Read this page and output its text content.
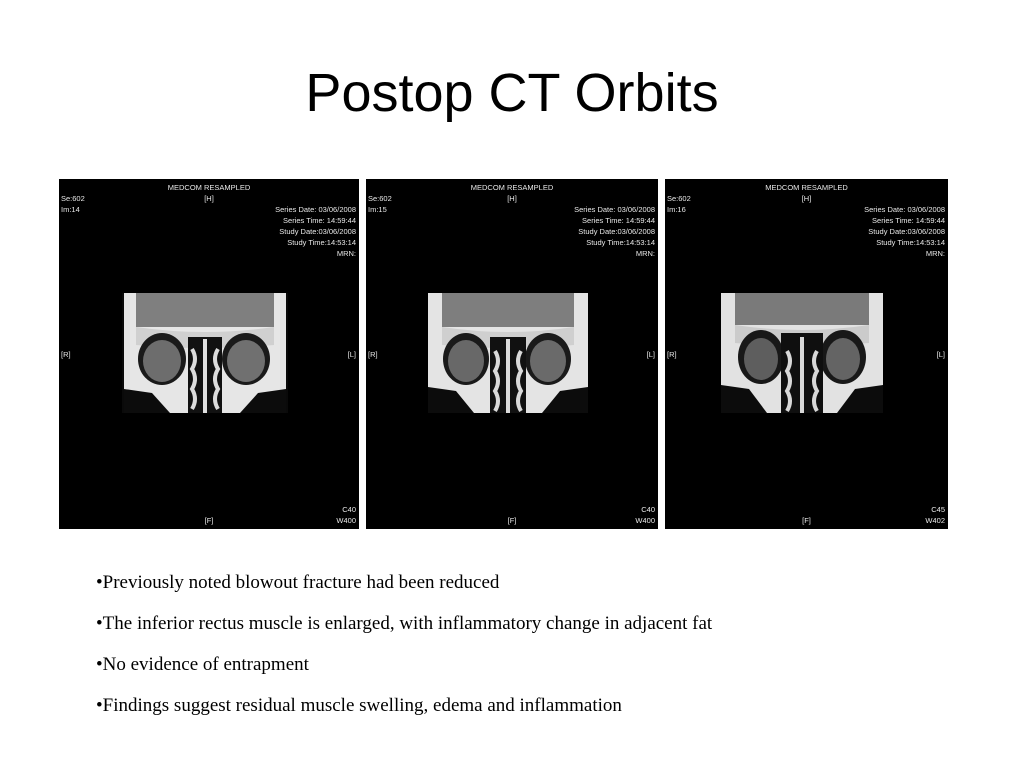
Postop CT Orbits
MEDCOM RESAMPLED
[H]
Se:602
Im:14	Series Date: 03/06/2008
Series Time: 14:59:44
Study Date:03/06/2008
Study Time:14:53:14
MRN:
[R]	[L]
[F]
C40
W400
MEDCOM RESAMPLED
[H]
Se:602
Im:15	Series Date: 03/06/2008
Series Time: 14:59:44
Study Date:03/06/2008
Study Time:14:53:14
MRN:
[R]	[L]
[F]
C40
W400
MEDCOM RESAMPLED
[H]
Se:602
Im:16	Series Date: 03/06/2008
Series Time: 14:59:44
Study Date:03/06/2008
Study Time:14:53:14
MRN:
[R]	[L]
[F]
C45
W402
•Previously noted blowout fracture had been reduced
•The inferior rectus muscle is enlarged, with inflammatory change in adjacent fat
•No evidence of entrapment
•Findings suggest residual muscle swelling, edema and inflammation
